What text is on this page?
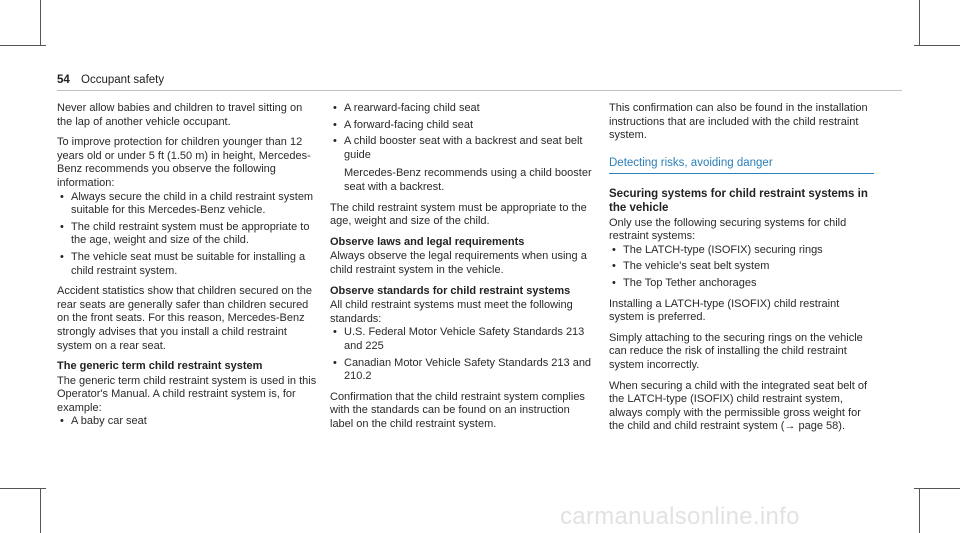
54 Occupant safety

Never allow babies and children to travel sitting on the lap of another vehicle occupant.

To improve protection for children younger than 12 years old or under 5 ft (1.50 m) in height, Mercedes-Benz recommends you observe the following information:

• Always secure the child in a child restraint system suitable for this Mercedes-Benz vehicle.
• The child restraint system must be appropriate to the age, weight and size of the child.
• The vehicle seat must be suitable for installing a child restraint system.

Accident statistics show that children secured on the rear seats are generally safer than children secured on the front seats. For this reason, Mercedes-Benz strongly advises that you install a child restraint system on a rear seat.

The generic term child restraint system

The generic term child restraint system is used in this Operator's Manual. A child restraint system is, for example:

• A baby car seat
• A rearward-facing child seat
• A forward-facing child seat
• A child booster seat with a backrest and seat belt guide
Mercedes-Benz recommends using a child booster seat with a backrest.

The child restraint system must be appropriate to the age, weight and size of the child.

Observe laws and legal requirements

Always observe the legal requirements when using a child restraint system in the vehicle.

Observe standards for child restraint systems

All child restraint systems must meet the following standards:

• U.S. Federal Motor Vehicle Safety Standards 213 and 225
• Canadian Motor Vehicle Safety Standards 213 and 210.2

Confirmation that the child restraint system complies with the standards can be found on an instruction label on the child restraint system.

This confirmation can also be found in the installation instructions that are included with the child restraint system.

Detecting risks, avoiding danger
Securing systems for child restraint systems in the vehicle

Only use the following securing systems for child restraint systems:

• The LATCH-type (ISOFIX) securing rings
• The vehicle's seat belt system
• The Top Tether anchorages

Installing a LATCH-type (ISOFIX) child restraint system is preferred.

Simply attaching to the securing rings on the vehicle can reduce the risk of installing the child restraint system incorrectly.

When securing a child with the integrated seat belt of the LATCH-type (ISOFIX) child restraint system, always comply with the permissible gross weight for the child and child restraint system (→ page 58).

carmanualsonline.info
